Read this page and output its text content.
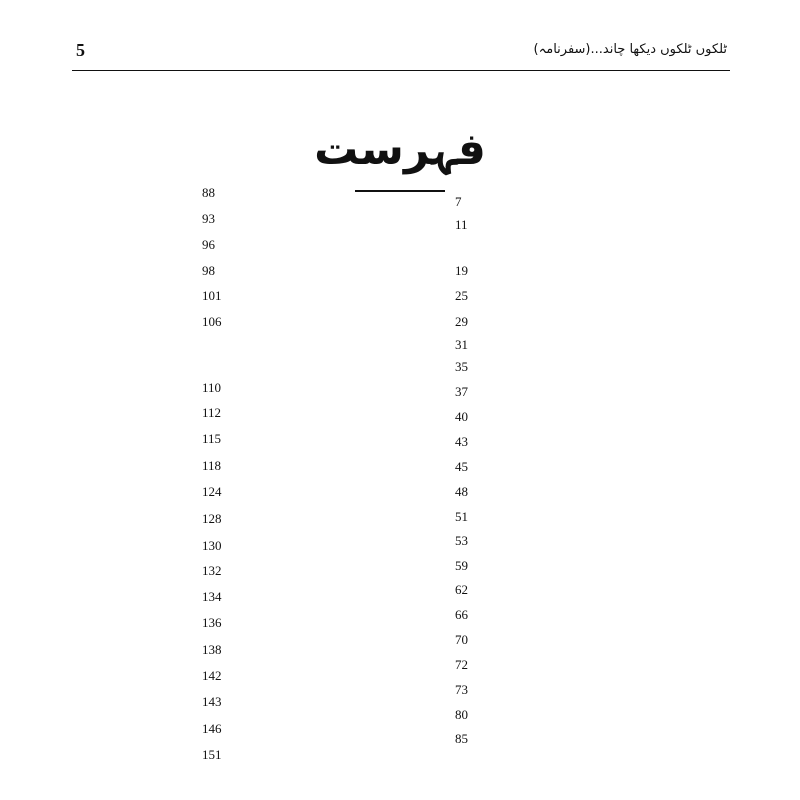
5	ٹلکوں ٹلکوں دیکھا چاند...(سفرنامہ)
فہرست
88
93
96
98
101
106
110
112
115
118
124
128
130
132
134
136
138
142
143
146
151
7
11
19
25
29
31
35
37
40
43
45
48
51
53
59
62
66
70
72
73
80
85
